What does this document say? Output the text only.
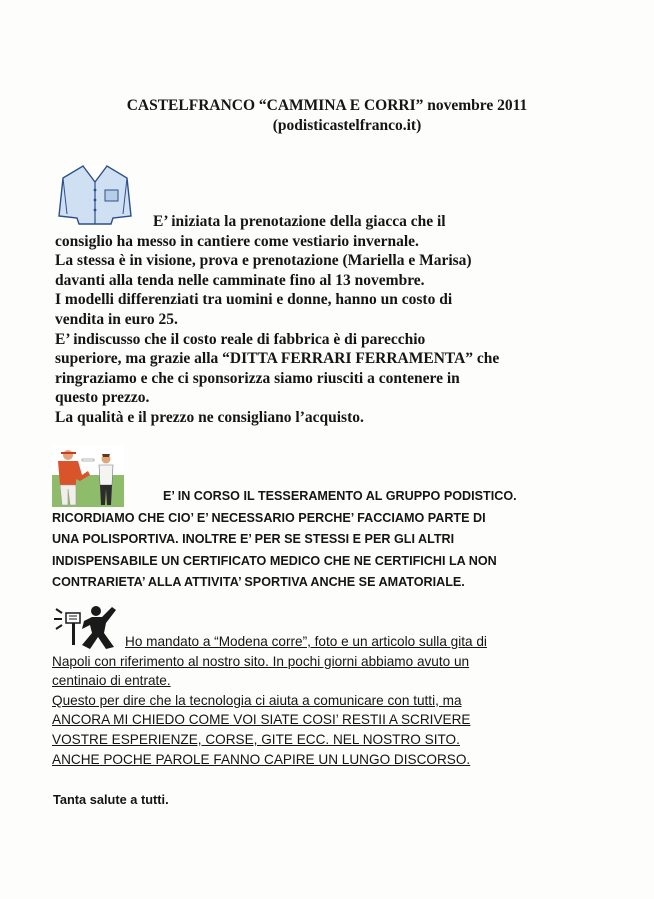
CASTELFRANCO “CAMMINA E CORRI” novembre 2011
(podisticastelfranco.it)
E’ iniziata la prenotazione della giacca che il
consiglio ha messo in cantiere come vestiario invernale.
La stessa è in visione, prova e prenotazione (Mariella e Marisa)
davanti alla tenda nelle camminate fino al 13 novembre.
I modelli differenziati tra uomini e donne, hanno un costo di
vendita in euro 25.
E’ indiscusso che il costo reale di fabbrica è di parecchio
superiore, ma grazie alla “DITTA FERRARI FERRAMENTA” che
ringraziamo e che ci sponsorizza siamo riusciti a contenere in
questo prezzo.
La qualità e il prezzo ne consigliano l’acquisto.
E’ IN CORSO IL TESSERAMENTO AL GRUPPO PODISTICO.
RICORDIAMO CHE CIO’ E’ NECESSARIO PERCHE’ FACCIAMO PARTE DI
UNA POLISPORTIVA. INOLTRE E’ PER SE STESSI E PER GLI ALTRI
INDISPENSABILE UN CERTIFICATO MEDICO CHE NE CERTIFICHI LA NON
CONTRARIETA’ ALLA ATTIVITA’ SPORTIVA ANCHE SE AMATORIALE.
Ho mandato a “Modena corre”, foto e un articolo sulla gita di
Napoli con riferimento al nostro sito. In pochi giorni abbiamo avuto un
centinaio di entrate.
Questo per dire che la tecnologia ci aiuta a comunicare con tutti, ma
ANCORA MI CHIEDO COME VOI SIATE COSI’ RESTII A SCRIVERE
VOSTRE ESPERIENZE, CORSE, GITE ECC. NEL NOSTRO SITO.
ANCHE POCHE PAROLE FANNO CAPIRE UN LUNGO DISCORSO.
Tanta salute a tutti.
